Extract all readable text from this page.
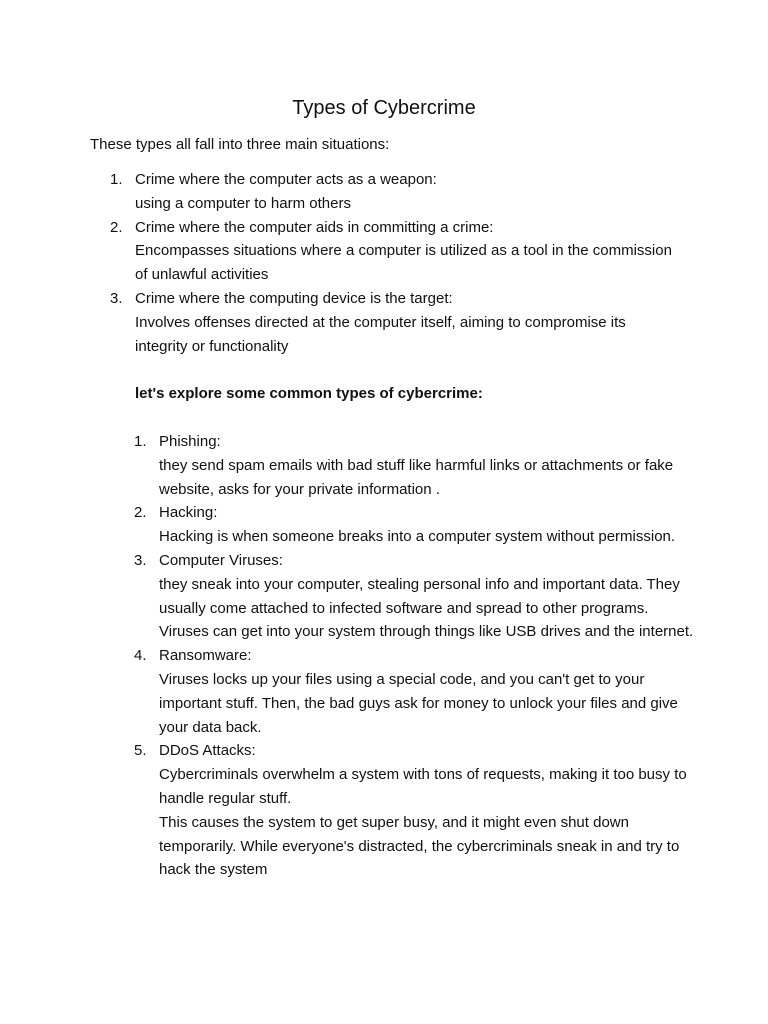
Types of Cybercrime

These types all fall into three main situations:

1. Crime where the computer acts as a weapon:
using a computer to harm others
2. Crime where the computer aids in committing a crime:
Encompasses situations where a computer is utilized as a tool in the commission of unlawful activities
3. Crime where the computing device is the target:
Involves offenses directed at the computer itself, aiming to compromise its integrity or functionality

let's explore some common types of cybercrime:

1. Phishing:
they send spam emails with bad stuff like harmful links or attachments or fake website, asks for your private information .
2. Hacking:
Hacking is when someone breaks into a computer system without permission.
3. Computer Viruses:
they sneak into your computer, stealing personal info and important data. They usually come attached to infected software and spread to other programs. Viruses can get into your system through things like USB drives and the internet.
4. Ransomware:
Viruses locks up your files using a special code, and you can't get to your important stuff. Then, the bad guys ask for money to unlock your files and give your data back.
5. DDoS Attacks:
Cybercriminals overwhelm a system with tons of requests, making it too busy to handle regular stuff.
This causes the system to get super busy, and it might even shut down temporarily. While everyone's distracted, the cybercriminals sneak in and try to hack the system
